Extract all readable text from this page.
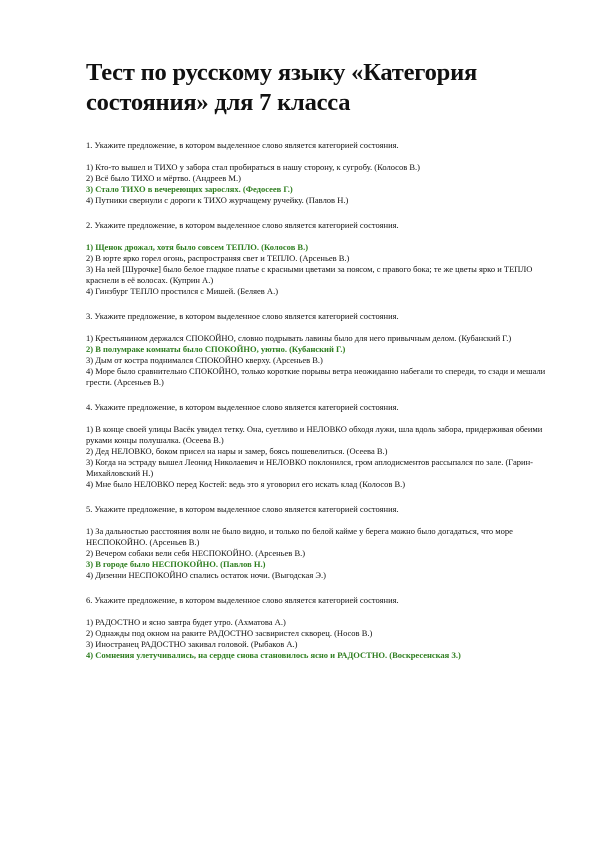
Тест по русскому языку «Категория состояния» для 7 класса

1. Укажите предложение, в котором выделенное слово является категорией состояния.

1) Кто-то вышел и ТИХО у забора стал пробираться в нашу сторону, к сугробу. (Колосов В.)

2) Всё было ТИХО и мёртво. (Андреев М.)

3) Стало ТИХО в вечереющих зарослях. (Федосеев Г.)

4) Путники свернули с дороги к ТИХО журчащему ручейку. (Павлов Н.)

2. Укажите предложение, в котором выделенное слово является категорией состояния.

1) Щенок дрожал, хотя было совсем ТЕПЛО. (Колосов В.)

2) В юрте ярко горел огонь, распространяя свет и ТЕПЛО. (Арсеньев В.)

3) На ней [Шурочке] было белое гладкое платье с красными цветами за поясом, с правого бока; те же цветы ярко и ТЕПЛО краснели в её волосах. (Куприн А.)

4) Гинзбург ТЕПЛО простился с Мишей. (Беляев А.)

3. Укажите предложение, в котором выделенное слово является категорией состояния.

1) Крестьянином держался СПОКОЙНО, словно подрывать лавины было для него привычным делом. (Кубанский Г.)

2) В полумраке комнаты было СПОКОЙНО, уютно. (Кубанский Г.)

3) Дым от костра поднимался СПОКОЙНО кверху. (Арсеньев В.)

4) Море было сравнительно СПОКОЙНО, только короткие порывы ветра неожиданно набегали то спереди, то сзади и мешали грести. (Арсеньев В.)

4. Укажите предложение, в котором выделенное слово является категорией состояния.

1) В конце своей улицы Васёк увидел тетку. Она, суетливо и НЕЛОВКО обходя лужи, шла вдоль забора, придерживая обеими руками концы полушалка. (Осеева В.)

2) Дед НЕЛОВКО, боком присел на нары и замер, боясь пошевелиться. (Осеева В.)

3) Когда на эстраду вышел Леонид Николаевич и НЕЛОВКО поклонился, гром аплодисментов рассыпался по зале. (Гарин-Михайловский Н.)

4) Мне было НЕЛОВКО перед Костей: ведь это я уговорил его искать клад (Колосов В.)

5. Укажите предложение, в котором выделенное слово является категорией состояния.

1) За дальностью расстояния волн не было видно, и только по белой кайме у берега можно было догадаться, что море НЕСПОКОЙНО. (Арсеньев В.)

2) Вечером собаки вели себя НЕСПОКОЙНО. (Арсеньев В.)

3) В городе было НЕСПОКОЙНО. (Павлов Н.)

4) Дизенни НЕСПОКОЙНО спались остаток ночи. (Выгодская Э.)

6. Укажите предложение, в котором выделенное слово является категорией состояния.

1) РАДОСТНО и ясно завтра будет утро. (Ахматова А.)

2) Однажды под окном на раките РАДОСТНО засвиристел скворец. (Носов В.)

3) Иностранец РАДОСТНО закивал головой. (Рыбаков А.)

4) Сомнения улетучивались, на сердце снова становилось ясно и РАДОСТНО. (Воскресенская З.)
